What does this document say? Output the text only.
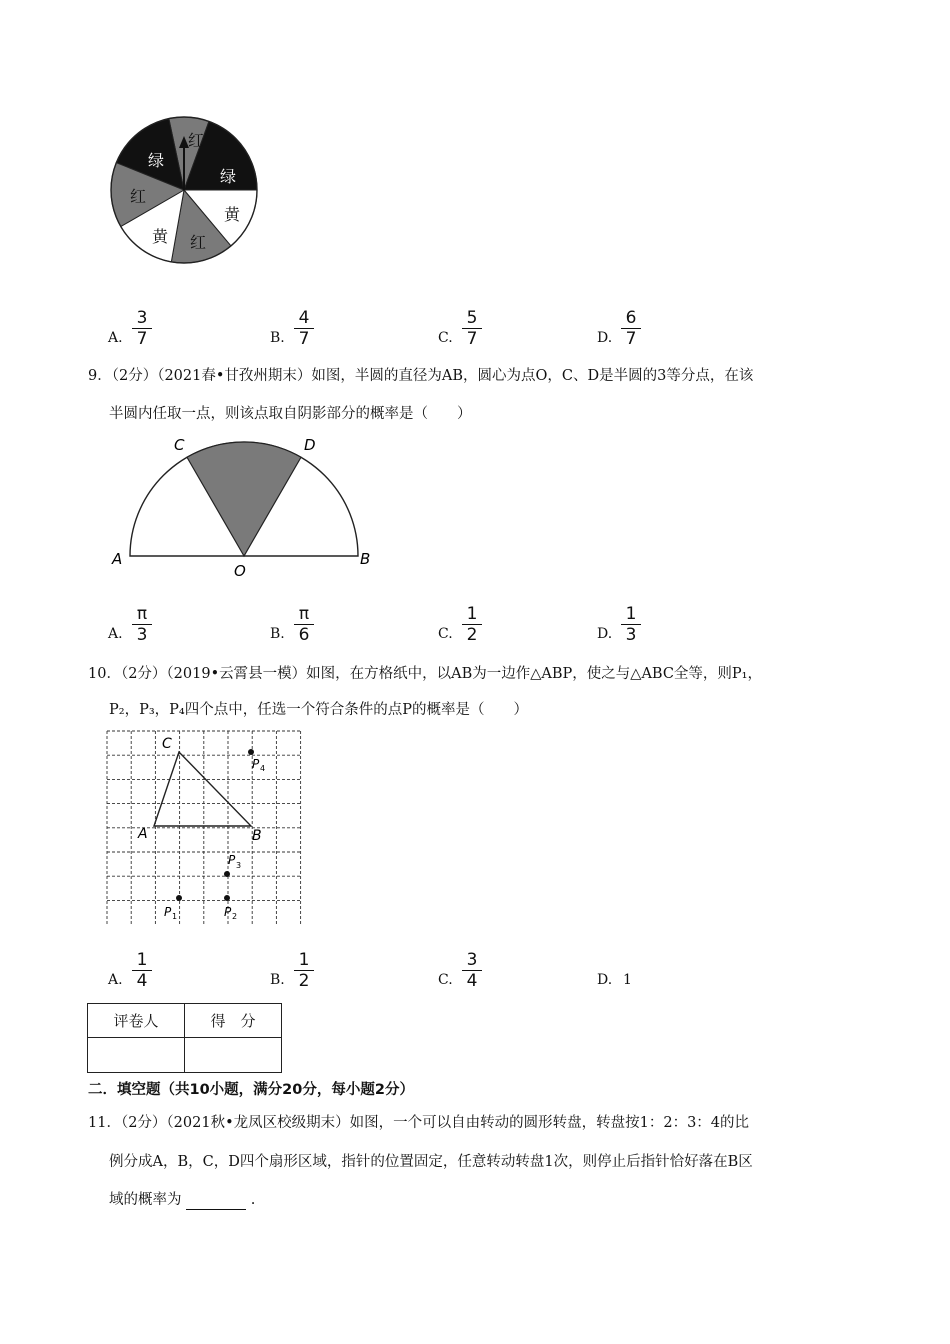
红
绿
绿
黄
红
黄
红
A.
3
7	B.
4
7	C.
5
7	D.
6
7
9．（2分）（2021春•甘孜州期末）如图，半圆的直径为AB，圆心为点O，C、D是半圆的3等分点，在该
半圆内任取一点，则该点取自阴影部分的概率是（　　）
A	B
C	D
O
A.
π
3	B.
π
6	C.
1
2	D.
1
3
10．（2分）（2019•云霄县一模）如图，在方格纸中，以AB为一边作△ABP，使之与△ABC全等，则P₁，
P₂，P₃，P₄四个点中，任选一个符合条件的点P的概率是（　　）
C
A	B
P 4
P 3
P 1	P 2
A.
1
4	B.
1
2	C.
3
4	D. 1
评卷人	得　分

二．填空题（共10小题，满分20分，每小题2分）
11．（2分）（2021秋•龙凤区校级期末）如图，一个可以自由转动的圆形转盘，转盘按1：2：3：4的比
例分成A，B，C，D四个扇形区域，指针的位置固定，任意转动转盘1次，则停止后指针恰好落在B区
域的概率为	.
